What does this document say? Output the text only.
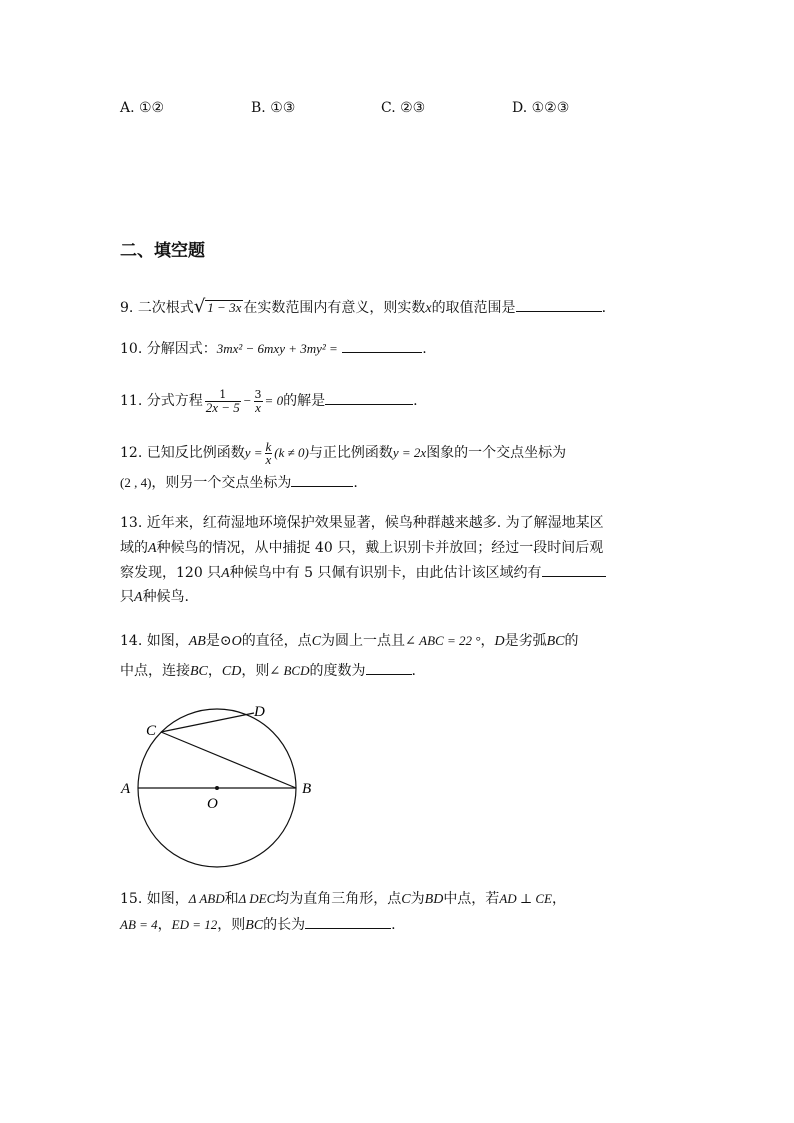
A. ①②	B. ①③	C. ②③	D. ①②③
二、填空题
9. 二次根式√ 1 − 3x 在实数范围内有意义，则实数x的取值范围是	.
10. 分解因式：3mx² − 6mxy + 3my² =	.
11. 分式方程 $\frac{1}{2x - 5} - \frac{3}{x} = 0$的解是	.
12. 已知反比例函数$y = \frac{k}{x} (k \ne 0)$与正比例函数y = 2x图象的一个交点坐标为
(2 , 4)，则另一个交点坐标为	.
13. 近年来，红荷湿地环境保护效果显著，候鸟种群越来越多. 为了解湿地某区
域的A种候鸟的情况，从中捕捉 40 只，戴上识别卡并放回；经过一段时间后观
察发现，120 只A种候鸟中有 5 只佩有识别卡，由此估计该区域约有
只A种候鸟.
14. 如图，AB是⊙O的直径，点C为圆上一点且∠ ABC = 22 °，D是劣弧BC的
中点，连接BC，CD，则∠ BCD的度数为	.
A	B
C
D
O
15. 如图，Δ ABD和Δ DEC均为直角三角形，点C为BD中点，若AD ⊥ CE，
AB = 4，ED = 12，则BC的长为	.
